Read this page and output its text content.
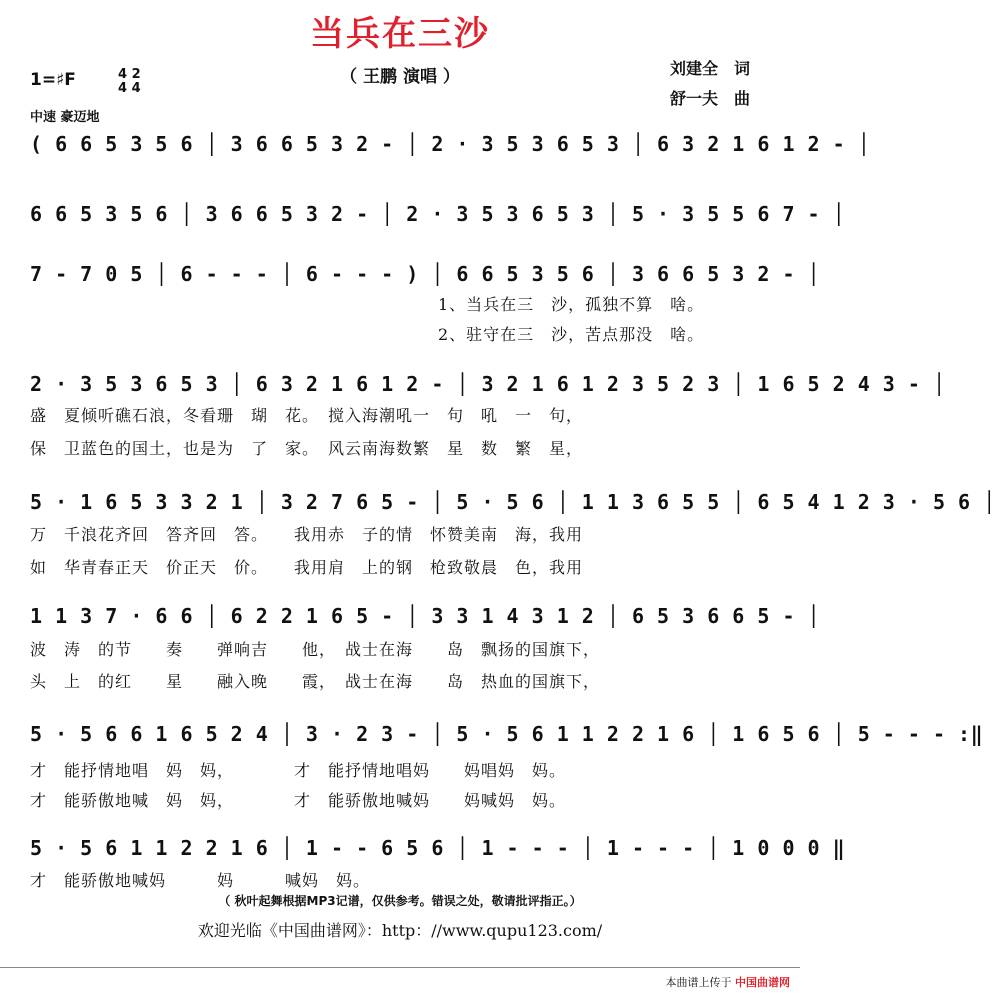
当兵在三沙
（ 王鹏 演唱 ）	刘建全　词
舒一夫　曲
1=♯F	4 2
4 4
中速 豪迈地
( 6 6 5 3 5 6 │ 3 6 6 5 3 2 - │ 2 · 3 5 3 6 5 3 │ 6 3 2 1 6 1 2 - │
6 6 5 3 5 6 │ 3 6 6 5 3 2 - │ 2 · 3 5 3 6 5 3 │ 5 · 3 5 5 6 7 - │
7 - 7 0 5 │ 6 - - - │ 6 - - - ) │ 6 6 5 3 5 6 │ 3 6 6 5 3 2 - │
1、当兵在三　沙，孤独不算　啥。
2、驻守在三　沙，苦点那没　啥。
2 · 3 5 3 6 5 3 │ 6 3 2 1 6 1 2 - │ 3 2 1 6 1 2 3 5 2 3 │ 1 6 5 2 4 3 - │
盛　夏倾听礁石浪，冬看珊　瑚　花。　搅入海潮吼一　句　吼　一　句，
保　卫蓝色的国土，也是为　了　家。　风云南海数繁　星　数　繁　星，
5 · 1 6 5 3 3 2 1 │ 3 2 7 6 5 - │ 5 · 5 6 │ 1 1 3 6 5 5 │ 6 5 4 1 2 3 · 5 6 │
万　千浪花齐回　答齐回　答。　　我用赤　子的情　怀赞美南　海，我用
如　华青春正天　价正天　价。　　我用肩　上的钢　枪致敬晨　色，我用
1 1 3 7 · 6 6 │ 6 2 2 1 6 5 - │ 3 3 1 4 3 1 2 │ 6 5 3 6 6 5 - │
波　涛　的节　　奏　　弹响吉　　他，　战士在海　　岛　飘扬的国旗下，
头　上　的红　　星　　融入晚　　霞，　战士在海　　岛　热血的国旗下，
5 · 5 6 6 1 6 5 2 4 │ 3 · 2 3 - │ 5 · 5 6 1 1 2 2 1 6 │ 1 6 5 6 │ 5 - - - :‖
才　能抒情地唱　妈　妈，　　　　才　能抒情地唱妈　　妈唱妈　妈。
才　能骄傲地喊　妈　妈，　　　　才　能骄傲地喊妈　　妈喊妈　妈。
5 · 5 6 1 1 2 2 1 6 │ 1 - - 6 5 6 │ 1 - - - │ 1 - - - │ 1 0 0 0 ‖
才　能骄傲地喊妈　　　妈　　　喊妈　妈。
（ 秋叶起舞根据MP3记谱，仅供参考。错误之处，敬请批评指正。）
欢迎光临《中国曲谱网》：http：//www.qupu123.com/
本曲谱上传于 中国曲谱网
